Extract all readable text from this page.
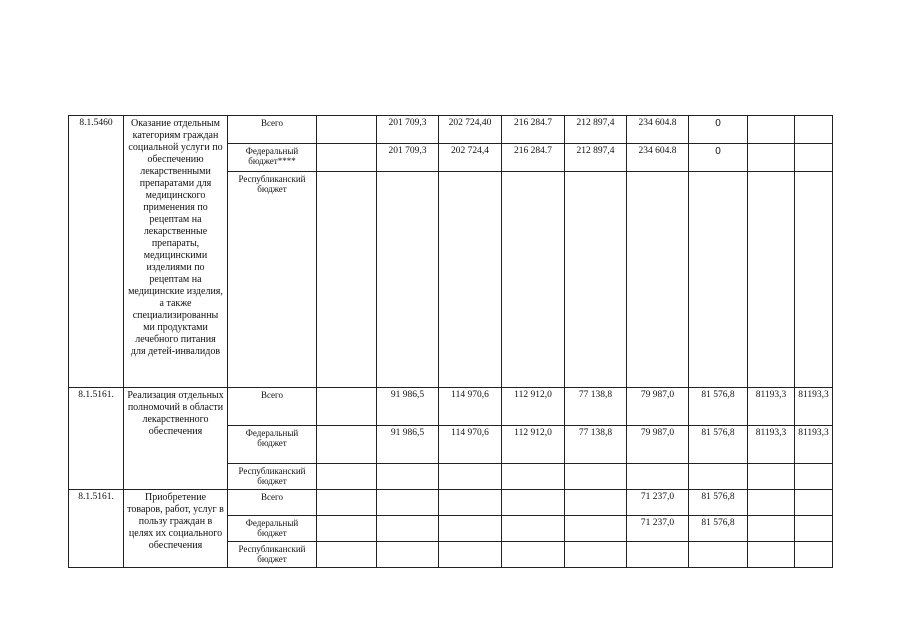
8.1.5460	Оказание отдельным категориям граждан социальной услуги по обеспечению лекарственными препаратами для медицинского применения по рецептам на лекарственные препараты, медицинскими изделиями по рецептам на медицинские изделия, а также специализированны ми продуктами лечебного питания для детей-инвалидов	Всего		201 709,3	202 724,40	216 284.7	212 897,4	234 604.8	0		
		Федеральный бюджет****		201 709,3	202 724,4	216 284.7	212 897,4	234 604.8	0		
		Республиканский бюджет									
8.1.5161.	Реализация отдельных полномочий в области лекарственного обеспечения	Всего		91 986,5	114 970,6	112 912,0	77 138,8	79 987,0	81 576,8	81193,3	81193,3
		Федеральный бюджет		91 986,5	114 970,6	112 912,0	77 138,8	79 987,0	81 576,8	81193,3	81193,3
		Республиканский бюджет									
8.1.5161.	Приобретение товаров, работ, услуг в пользу граждан в целях их социального обеспечения	Всего						71 237,0	81 576,8		
		Федеральный бюджет						71 237,0	81 576,8		
		Республиканский бюджет									
